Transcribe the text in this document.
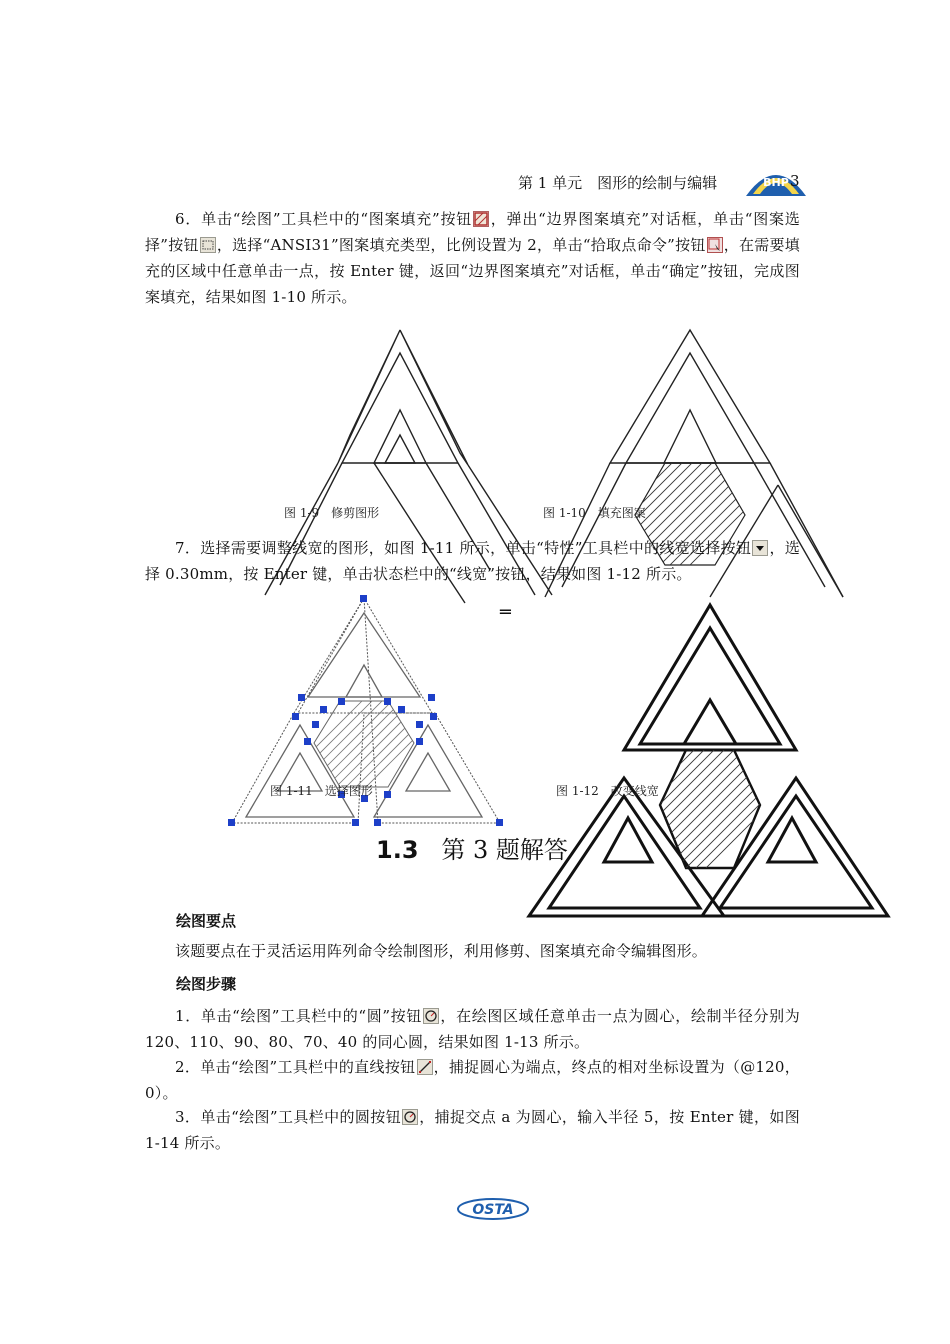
第 1 单元　图形的绘制与编辑	BHP 3
6．单击“绘图”工具栏中的“图案填充”按钮 ，弹出“边界图案填充”对话框，单击“图案选择”按钮 ，选择“ANSI31”图案填充类型，比例设置为 2，单击“拾取点命令”按钮 ，在需要填充的区域中任意单击一点，按 Enter 键，返回“边界图案填充”对话框，单击“确定”按钮，完成图案填充，结果如图 1-10 所示。
图 1-9　修剪图形	图 1-10　填充图案
7．选择需要调整线宽的图形，如图 1-11 所示，单击“特性”工具栏中的线宽选择按钮 ，选择 0.30mm，按 Enter 键，单击状态栏中的“线宽”按钮，结果如图 1-12 所示。
═
图 1-11　选择图形	图 1-12　改变线宽
1.3 第 3 题解答
绘图要点
该题要点在于灵活运用阵列命令绘制图形，利用修剪、图案填充命令编辑图形。
绘图步骤
1．单击“绘图”工具栏中的“圆”按钮 ，在绘图区域任意单击一点为圆心，绘制半径分别为 120、110、90、80、70、40 的同心圆，结果如图 1-13 所示。
2．单击“绘图”工具栏中的直线按钮 ，捕捉圆心为端点，终点的相对坐标设置为（@120，0）。
3．单击“绘图”工具栏中的圆按钮 ，捕捉交点 a 为圆心，输入半径 5，按 Enter 键，如图 1-14 所示。
OSTA
